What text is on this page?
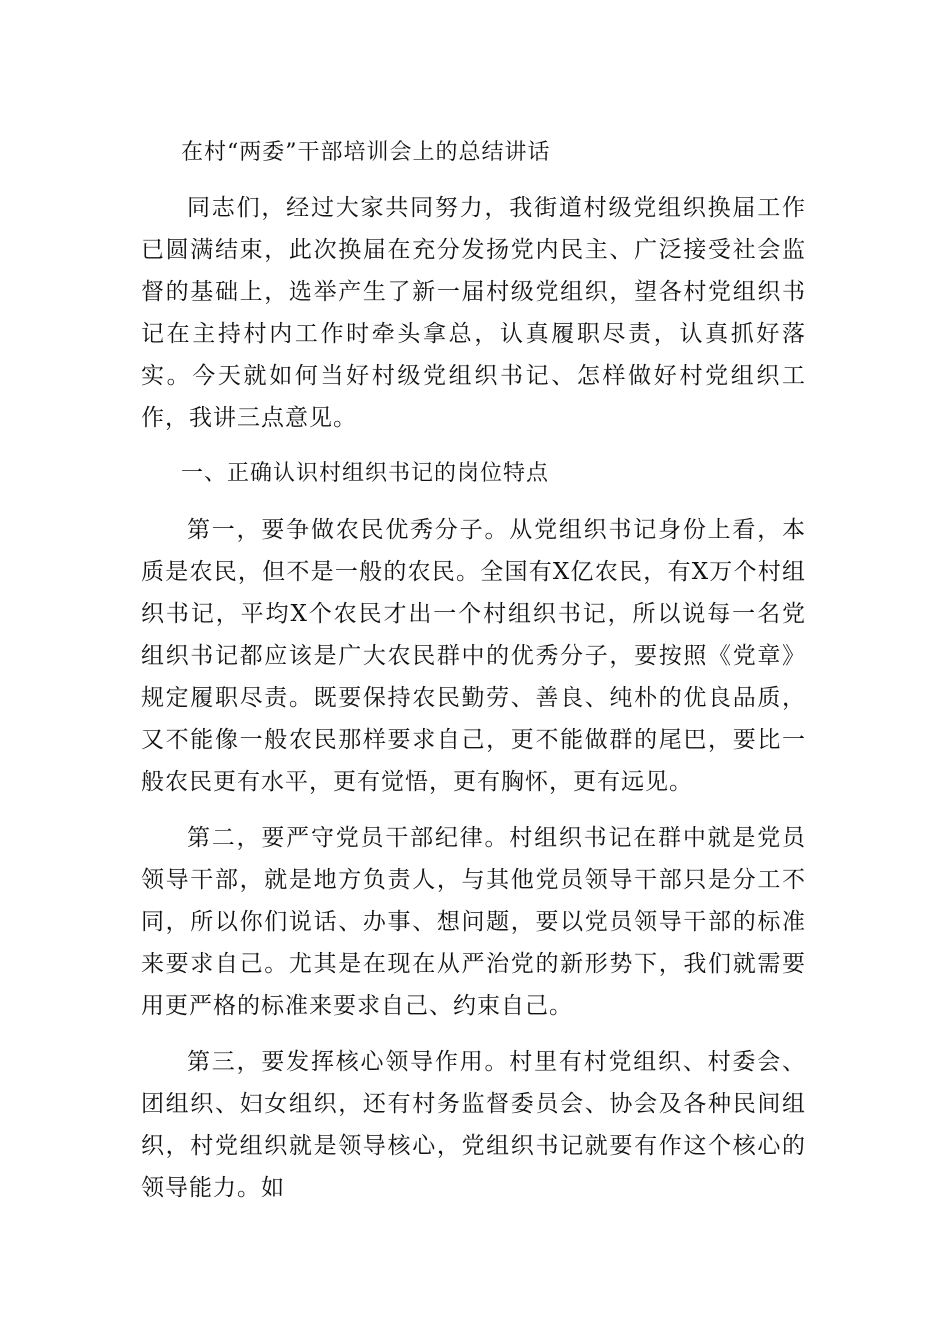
在村“两委”干部培训会上的总结讲话

同志们，经过大家共同努力，我街道村级党组织换届工作已圆满结束，此次换届在充分发扬党内民主、广泛接受社会监督的基础上，选举产生了新一届村级党组织，望各村党组织书记在主持村内工作时牵头拿总，认真履职尽责，认真抓好落实。今天就如何当好村级党组织书记、怎样做好村党组织工作，我讲三点意见。

一、正确认识村组织书记的岗位特点

第一，要争做农民优秀分子。从党组织书记身份上看，本质是农民，但不是一般的农民。全国有X亿农民，有X万个村组织书记，平均X个农民才出一个村组织书记，所以说每一名党组织书记都应该是广大农民群中的优秀分子，要按照《党章》规定履职尽责。既要保持农民勤劳、善良、纯朴的优良品质，又不能像一般农民那样要求自己，更不能做群的尾巴，要比一般农民更有水平，更有觉悟，更有胸怀，更有远见。

第二，要严守党员干部纪律。村组织书记在群中就是党员领导干部，就是地方负责人，与其他党员领导干部只是分工不同，所以你们说话、办事、想问题，要以党员领导干部的标准来要求自己。尤其是在现在从严治党的新形势下，我们就需要用更严格的标准来要求自己、约束自己。

第三，要发挥核心领导作用。村里有村党组织、村委会、团组织、妇女组织，还有村务监督委员会、协会及各种民间组织，村党组织就是领导核心，党组织书记就要有作这个核心的领导能力。如
